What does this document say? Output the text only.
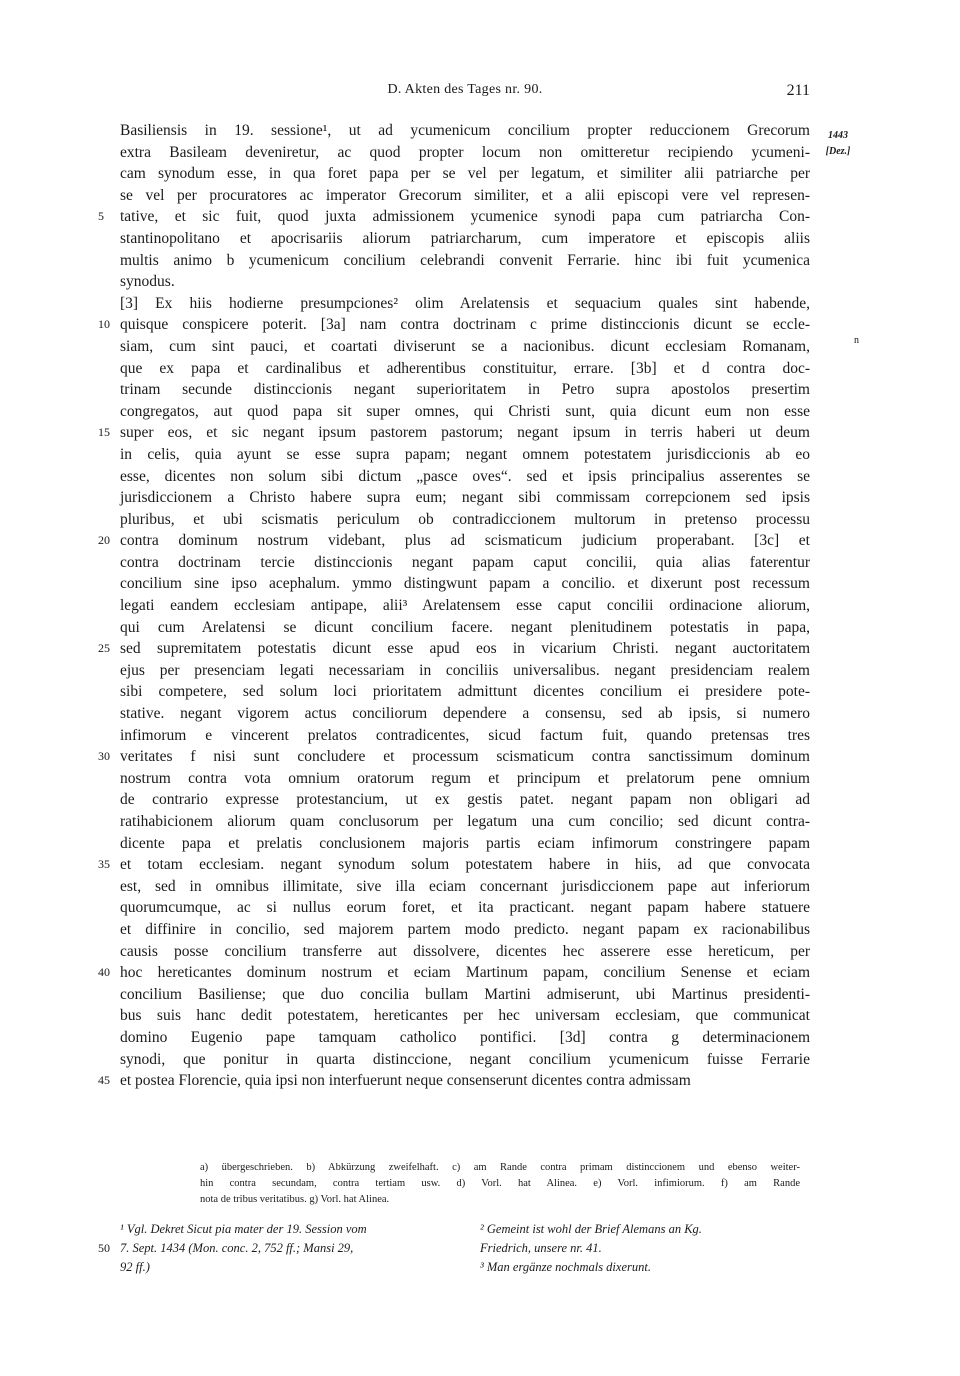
D. Akten des Tages nr. 90.	211
1443
[Dez.]
n
Basiliensis in 19. sessione¹, ut ad ycumenicum concilium propter reduccionem Grecorum
extra Basileam deveniretur, ac quod propter locum non omitteretur recipiendo ycumeni-
cam synodum esse, in qua foret papa per se vel per legatum, et similiter alii patriarche per
se vel per procuratores ac imperator Grecorum similiter, et a alii episcopi vere vel represen-
5	tative, et sic fuit, quod juxta admissionem ycumenice synodi papa cum patriarcha Con-
stantinopolitano et apocrisariis aliorum patriarcharum, cum imperatore et episcopis aliis
multis animo b ycumenicum concilium celebrandi convenit Ferrarie. hinc ibi fuit ycumenica
synodus.
[3] Ex hiis hodierne presumpciones² olim Arelatensis et sequacium quales sint habende,
10 quisque conspicere poterit. [3a] nam contra doctrinam c prime distinccionis dicunt se eccle-
siam, cum sint pauci, et coartati diviserunt se a nacionibus. dicunt ecclesiam Romanam,
que ex papa et cardinalibus et adherentibus constituitur, errare. [3b] et d contra doc-
trinam secunde distinccionis negant superioritatem in Petro supra apostolos presertim
congregatos, aut quod papa sit super omnes, qui Christi sunt, quia dicunt eum non esse
15 super eos, et sic negant ipsum pastorem pastorum; negant ipsum in terris haberi ut deum
in celis, quia ayunt se esse supra papam; negant omnem potestatem jurisdiccionis ab eo
esse, dicentes non solum sibi dictum „pasce oves“. sed et ipsis principalius asserentes se
jurisdiccionem a Christo habere supra eum; negant sibi commissam correpcionem sed ipsis
pluribus, et ubi scismatis periculum ob contradiccionem multorum in pretenso processu
20 contra dominum nostrum videbant, plus ad scismaticum judicium properabant. [3c] et
contra doctrinam tercie distinccionis negant papam caput concilii, quia alias faterentur
concilium sine ipso acephalum. ymmo distingwunt papam a concilio. et dixerunt post recessum
legati eandem ecclesiam antipape, alii³ Arelatensem esse caput concilii ordinacione aliorum,
qui cum Arelatensi se dicunt concilium facere. negant plenitudinem potestatis in papa,
25 sed supremitatem potestatis dicunt esse apud eos in vicarium Christi. negant auctoritatem
ejus per presenciam legati necessariam in conciliis universalibus. negant presidenciam realem
sibi competere, sed solum loci prioritatem admittunt dicentes concilium ei presidere pote-
stative. negant vigorem actus conciliorum dependere a consensu, sed ab ipsis, si numero
infimorum e vincerent prelatos contradicentes, sicud factum fuit, quando pretensas tres
30 veritates f nisi sunt concludere et processum scismaticum contra sanctissimum dominum
nostrum contra vota omnium oratorum regum et principum et prelatorum pene omnium
de contrario expresse protestancium, ut ex gestis patet. negant papam non obligari ad
ratihabicionem aliorum quam conclusorum per legatum una cum concilio; sed dicunt contra-
dicente papa et prelatis conclusionem majoris partis eciam infimorum constringere papam
35 et totam ecclesiam. negant synodum solum potestatem habere in hiis, ad que convocata
est, sed in omnibus illimitate, sive illa eciam concernant jurisdiccionem pape aut inferiorum
quorumcumque, ac si nullus eorum foret, et ita practicant. negant papam habere statuere
et diffinire in concilio, sed majorem partem modo predicto. negant papam ex racionabilibus
causis posse concilium transferre aut dissolvere, dicentes hec asserere esse hereticum, per
40 hoc hereticantes dominum nostrum et eciam Martinum papam, concilium Senense et eciam
concilium Basiliense; que duo concilia bullam Martini admiserunt, ubi Martinus presidenti-
bus suis hanc dedit potestatem, hereticantes per hec universam ecclesiam, que communicat
domino Eugenio pape tamquam catholico pontifici. [3d] contra g determinacionem
synodi, que ponitur in quarta distinccione, negant concilium ycumenicum fuisse Ferrarie
45 et postea Florencie, quia ipsi non interfuerunt neque consenserunt dicentes contra admissam
a) übergeschrieben. b) Abkürzung zweifelhaft. c) am Rande contra primam distinccionem und ebenso weiter-
hin contra secundam, contra tertiam usw. d) Vorl. hat Alinea. e) Vorl. infimiorum. f) am Rande
nota de tribus veritatibus. g) Vorl. hat Alinea.
50
¹ Vgl. Dekret Sicut pia mater der 19. Session vom
7. Sept. 1434 (Mon. conc. 2, 752 ff.; Mansi 29,
92 ff.)
² Gemeint ist wohl der Brief Alemans an Kg.
Friedrich, unsere nr. 41.
³ Man ergänze nochmals dixerunt.
